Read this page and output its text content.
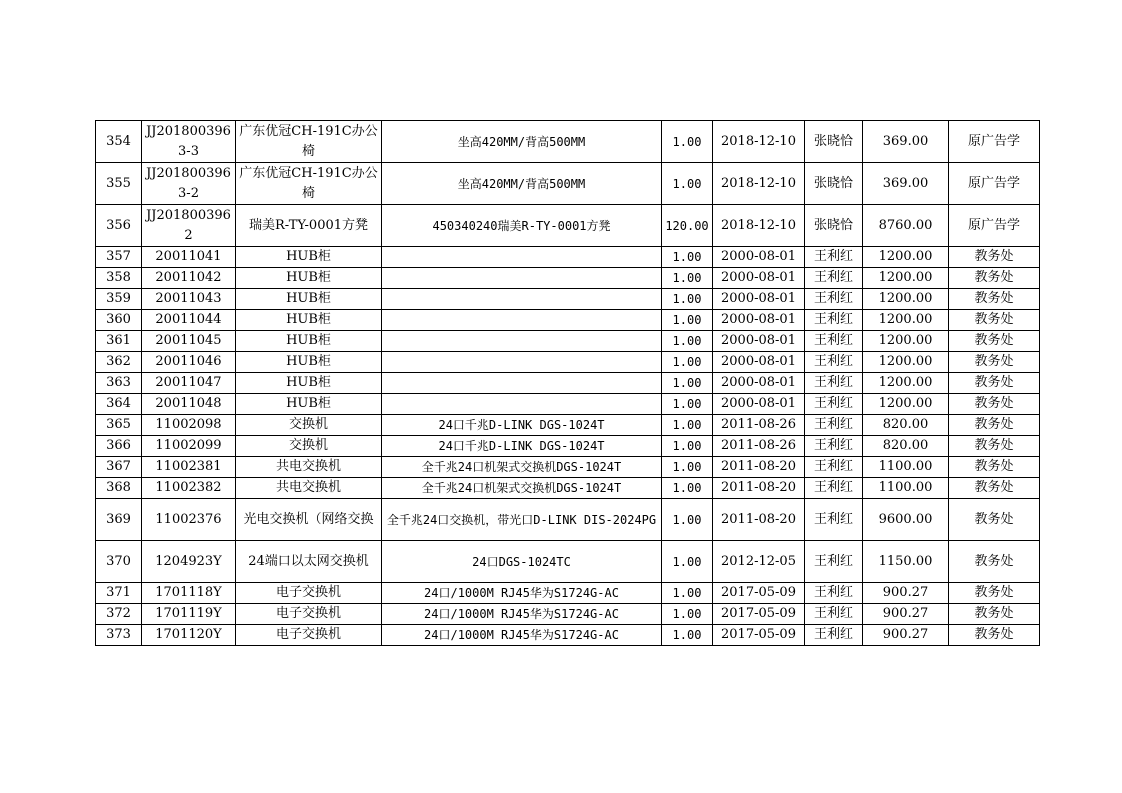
354	JJ2018003963-3	广东优冠CH-191C办公椅	坐高420MM/背高500MM	1.00	2018-12-10	张晓恰	369.00	原广告学
355	JJ2018003963-2	广东优冠CH-191C办公椅	坐高420MM/背高500MM	1.00	2018-12-10	张晓恰	369.00	原广告学
356	JJ2018003962	瑞美R-TY-0001方凳	450340240瑞美R-TY-0001方凳	120.00	2018-12-10	张晓恰	8760.00	原广告学
357	20011041	HUB柜		1.00	2000-08-01	王利红	1200.00	教务处
358	20011042	HUB柜		1.00	2000-08-01	王利红	1200.00	教务处
359	20011043	HUB柜		1.00	2000-08-01	王利红	1200.00	教务处
360	20011044	HUB柜		1.00	2000-08-01	王利红	1200.00	教务处
361	20011045	HUB柜		1.00	2000-08-01	王利红	1200.00	教务处
362	20011046	HUB柜		1.00	2000-08-01	王利红	1200.00	教务处
363	20011047	HUB柜		1.00	2000-08-01	王利红	1200.00	教务处
364	20011048	HUB柜		1.00	2000-08-01	王利红	1200.00	教务处
365	11002098	交换机	24口千兆D-LINK DGS-1024T	1.00	2011-08-26	王利红	820.00	教务处
366	11002099	交换机	24口千兆D-LINK DGS-1024T	1.00	2011-08-26	王利红	820.00	教务处
367	11002381	共电交换机	全千兆24口机架式交换机DGS-1024T	1.00	2011-08-20	王利红	1100.00	教务处
368	11002382	共电交换机	全千兆24口机架式交换机DGS-1024T	1.00	2011-08-20	王利红	1100.00	教务处
369	11002376	光电交换机（网络交换	全千兆24口交换机，带光口D-LINK DIS-2024PG	1.00	2011-08-20	王利红	9600.00	教务处
370	1204923Y	24端口以太网交换机	24口DGS-1024TC	1.00	2012-12-05	王利红	1150.00	教务处
371	1701118Y	电子交换机	24口/1000M RJ45华为S1724G-AC	1.00	2017-05-09	王利红	900.27	教务处
372	1701119Y	电子交换机	24口/1000M RJ45华为S1724G-AC	1.00	2017-05-09	王利红	900.27	教务处
373	1701120Y	电子交换机	24口/1000M RJ45华为S1724G-AC	1.00	2017-05-09	王利红	900.27	教务处
